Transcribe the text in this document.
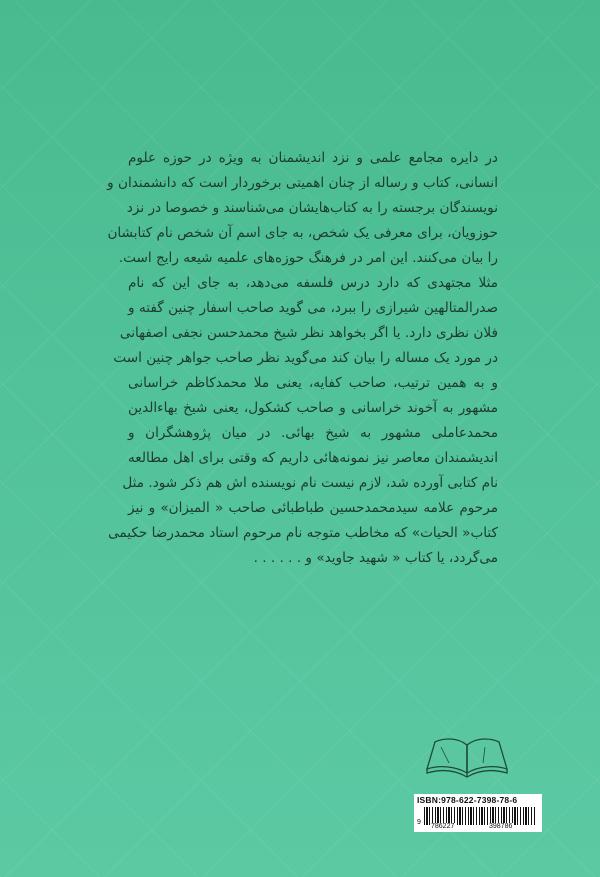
در دایره مجامع علمی و نزد اندیشمنان به ویژه در حوزه علوم
انسانی، کتاب و رساله از چنان اهمیتی برخوردار است که دانشمندان و
نویسندگان برجسته را به کتاب‌هایشان می‌شناسند و خصوصا در نزد
حوزویان، برای معرفی یک شخص، به جای اسم آن شخص نام کتابشان
را بیان می‌کنند. این امر در فرهنگ حوزه‌های علمیه شیعه رایج است.
مثلا مجتهدی که دارد درس فلسفه می‌دهد، به جای این که نام
صدرالمتالهین شیرازی را ببرد، می گوید صاحب اسفار چنین گفته و
فلان نظری دارد. یا اگر بخواهد نظر شیخ محمدحسن نجفی اصفهانی
در مورد یک مساله را بیان کند می‌گوید نظر صاحب جواهر چنین است
و به همین ترتیب، صاحب کفایه، یعنی ملا محمدکاظم خراسانی
مشهور به آخوند خراسانی و صاحب کشکول، یعنی شیخ بهاءالدین
محمدعاملی مشهور به شیخ بهائی. در میان پژوهشگران و
اندیشمندان معاصر نیز نمونه‌هائی داریم که وقتی برای اهل مطالعه
نام کتابی آورده شد، لازم نیست نام نویسنده اش هم ذکر شود. مثل
مرحوم علامه سیدمحمدحسین طباطبائی صاحب « المیزان» و نیز
کتاب« الحیات» که مخاطب متوجه نام مرحوم استاد محمدرضا حکیمی
می‌گردد، یا کتاب « شهید جاوید» و . . . . . .
ISBN:978-622-7398-78-6
9
786227	398786
